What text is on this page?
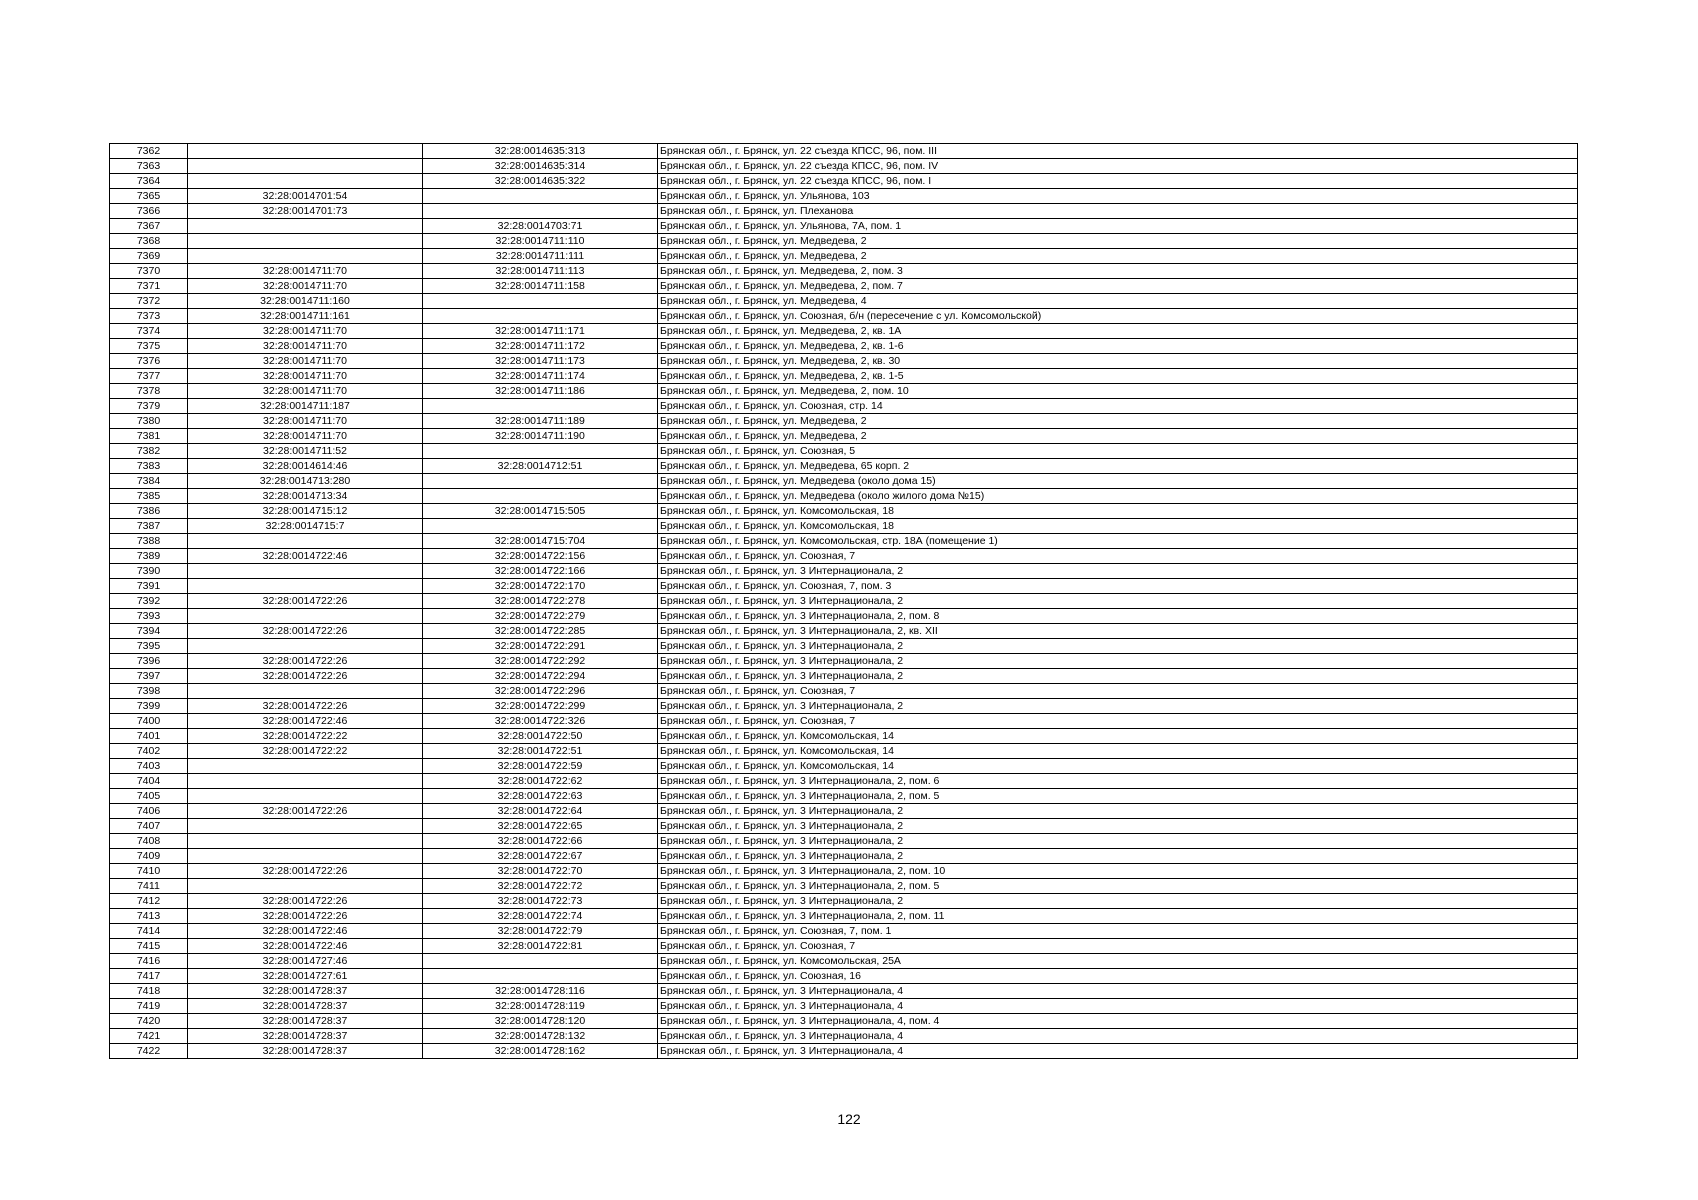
7362		32:28:0014635:313	Брянская обл., г. Брянск, ул. 22 съезда КПСС, 96, пом. III
7363		32:28:0014635:314	Брянская обл., г. Брянск, ул. 22 съезда КПСС, 96, пом. IV
7364		32:28:0014635:322	Брянская обл., г. Брянск, ул. 22 съезда КПСС, 96, пом. I
7365	32:28:0014701:54		Брянская обл., г. Брянск, ул. Ульянова, 103
7366	32:28:0014701:73		Брянская обл., г. Брянск, ул. Плеханова
7367		32:28:0014703:71	Брянская обл., г. Брянск, ул. Ульянова, 7А, пом. 1
7368		32:28:0014711:110	Брянская обл., г. Брянск, ул. Медведева, 2
7369		32:28:0014711:111	Брянская обл., г. Брянск, ул. Медведева, 2
7370	32:28:0014711:70	32:28:0014711:113	Брянская обл., г. Брянск, ул. Медведева, 2, пом. 3
7371	32:28:0014711:70	32:28:0014711:158	Брянская обл., г. Брянск, ул. Медведева, 2, пом. 7
7372	32:28:0014711:160		Брянская обл., г. Брянск, ул. Медведева, 4
7373	32:28:0014711:161		Брянская обл., г. Брянск, ул. Союзная, б/н (пересечение с ул. Комсомольской)
7374	32:28:0014711:70	32:28:0014711:171	Брянская обл., г. Брянск, ул. Медведева, 2, кв. 1А
7375	32:28:0014711:70	32:28:0014711:172	Брянская обл., г. Брянск, ул. Медведева, 2, кв. 1-6
7376	32:28:0014711:70	32:28:0014711:173	Брянская обл., г. Брянск, ул. Медведева, 2, кв. 30
7377	32:28:0014711:70	32:28:0014711:174	Брянская обл., г. Брянск, ул. Медведева, 2, кв. 1-5
7378	32:28:0014711:70	32:28:0014711:186	Брянская обл., г. Брянск, ул. Медведева, 2, пом. 10
7379	32:28:0014711:187		Брянская обл., г. Брянск, ул. Союзная, стр. 14
7380	32:28:0014711:70	32:28:0014711:189	Брянская обл., г. Брянск, ул. Медведева, 2
7381	32:28:0014711:70	32:28:0014711:190	Брянская обл., г. Брянск, ул. Медведева, 2
7382	32:28:0014711:52		Брянская обл., г. Брянск, ул. Союзная, 5
7383	32:28:0014614:46	32:28:0014712:51	Брянская обл., г. Брянск, ул. Медведева, 65 корп. 2
7384	32:28:0014713:280		Брянская обл., г. Брянск, ул. Медведева (около дома 15)
7385	32:28:0014713:34		Брянская обл., г. Брянск, ул. Медведева (около жилого дома №15)
7386	32:28:0014715:12	32:28:0014715:505	Брянская обл., г. Брянск, ул. Комсомольская, 18
7387	32:28:0014715:7		Брянская обл., г. Брянск, ул. Комсомольская, 18
7388		32:28:0014715:704	Брянская обл., г. Брянск, ул. Комсомольская, стр. 18А (помещение 1)
7389	32:28:0014722:46	32:28:0014722:156	Брянская обл., г. Брянск, ул. Союзная, 7
7390		32:28:0014722:166	Брянская обл., г. Брянск, ул. 3 Интернационала, 2
7391		32:28:0014722:170	Брянская обл., г. Брянск, ул. Союзная, 7, пом. 3
7392	32:28:0014722:26	32:28:0014722:278	Брянская обл., г. Брянск, ул. 3 Интернационала, 2
7393		32:28:0014722:279	Брянская обл., г. Брянск, ул. 3 Интернационала, 2, пом. 8
7394	32:28:0014722:26	32:28:0014722:285	Брянская обл., г. Брянск, ул. 3 Интернационала, 2, кв. XII
7395		32:28:0014722:291	Брянская обл., г. Брянск, ул. 3 Интернационала, 2
7396	32:28:0014722:26	32:28:0014722:292	Брянская обл., г. Брянск, ул. 3 Интернационала, 2
7397	32:28:0014722:26	32:28:0014722:294	Брянская обл., г. Брянск, ул. 3 Интернационала, 2
7398		32:28:0014722:296	Брянская обл., г. Брянск, ул. Союзная, 7
7399	32:28:0014722:26	32:28:0014722:299	Брянская обл., г. Брянск, ул. 3 Интернационала, 2
7400	32:28:0014722:46	32:28:0014722:326	Брянская обл., г. Брянск, ул. Союзная, 7
7401	32:28:0014722:22	32:28:0014722:50	Брянская обл., г. Брянск, ул. Комсомольская, 14
7402	32:28:0014722:22	32:28:0014722:51	Брянская обл., г. Брянск, ул. Комсомольская, 14
7403		32:28:0014722:59	Брянская обл., г. Брянск, ул. Комсомольская, 14
7404		32:28:0014722:62	Брянская обл., г. Брянск, ул. 3 Интернационала, 2, пом. 6
7405		32:28:0014722:63	Брянская обл., г. Брянск, ул. 3 Интернационала, 2, пом. 5
7406	32:28:0014722:26	32:28:0014722:64	Брянская обл., г. Брянск, ул. 3 Интернационала, 2
7407		32:28:0014722:65	Брянская обл., г. Брянск, ул. 3 Интернационала, 2
7408		32:28:0014722:66	Брянская обл., г. Брянск, ул. 3 Интернационала, 2
7409		32:28:0014722:67	Брянская обл., г. Брянск, ул. 3 Интернационала, 2
7410	32:28:0014722:26	32:28:0014722:70	Брянская обл., г. Брянск, ул. 3 Интернационала, 2, пом. 10
7411		32:28:0014722:72	Брянская обл., г. Брянск, ул. 3 Интернационала, 2, пом. 5
7412	32:28:0014722:26	32:28:0014722:73	Брянская обл., г. Брянск, ул. 3 Интернационала, 2
7413	32:28:0014722:26	32:28:0014722:74	Брянская обл., г. Брянск, ул. 3 Интернационала, 2, пом. 11
7414	32:28:0014722:46	32:28:0014722:79	Брянская обл., г. Брянск, ул. Союзная, 7, пом. 1
7415	32:28:0014722:46	32:28:0014722:81	Брянская обл., г. Брянск, ул. Союзная, 7
7416	32:28:0014727:46		Брянская обл., г. Брянск, ул. Комсомольская, 25А
7417	32:28:0014727:61		Брянская обл., г. Брянск, ул. Союзная, 16
7418	32:28:0014728:37	32:28:0014728:116	Брянская обл., г. Брянск, ул. 3 Интернационала, 4
7419	32:28:0014728:37	32:28:0014728:119	Брянская обл., г. Брянск, ул. 3 Интернационала, 4
7420	32:28:0014728:37	32:28:0014728:120	Брянская обл., г. Брянск, ул. 3 Интернационала, 4, пом. 4
7421	32:28:0014728:37	32:28:0014728:132	Брянская обл., г. Брянск, ул. 3 Интернационала, 4
7422	32:28:0014728:37	32:28:0014728:162	Брянская обл., г. Брянск, ул. 3 Интернационала, 4
122
